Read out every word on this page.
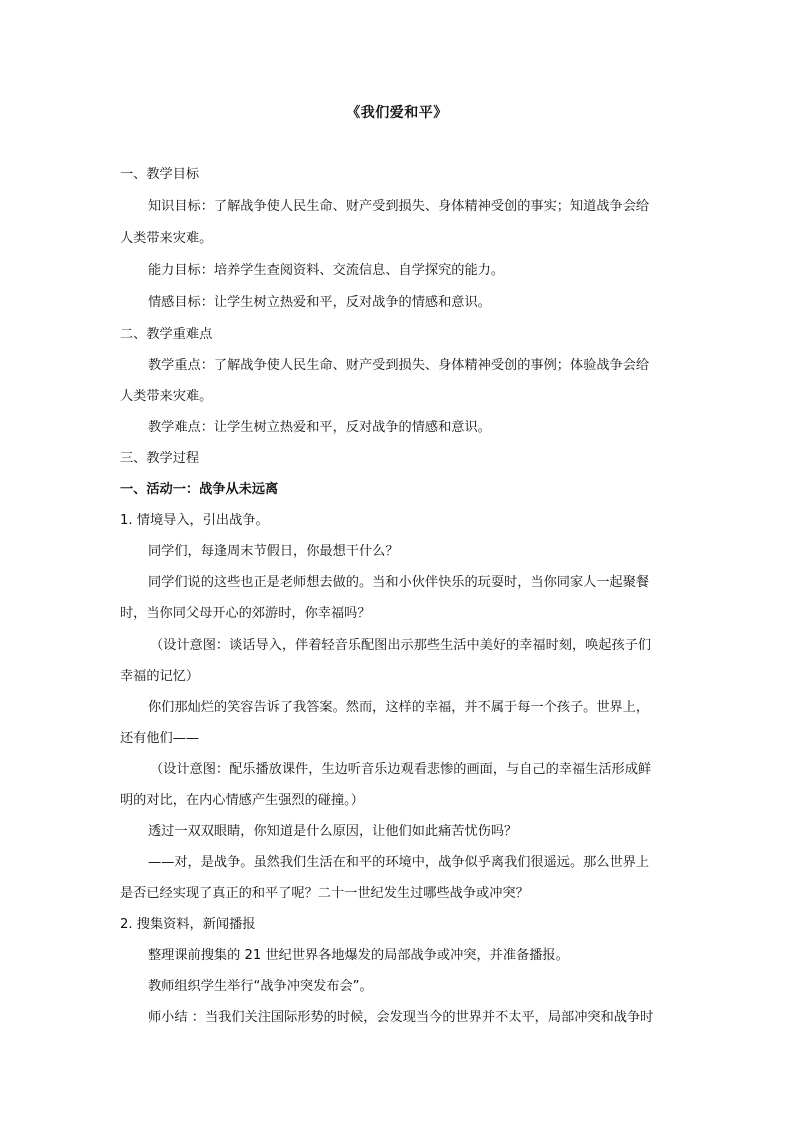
《我们爱和平》
一、教学目标
知识目标：了解战争使人民生命、财产受到损失、身体精神受创的事实；知道战争会给
人类带来灾难。
能力目标：培养学生查阅资料、交流信息、自学探究的能力。
情感目标：让学生树立热爱和平，反对战争的情感和意识。
二、教学重难点
教学重点：了解战争使人民生命、财产受到损失、身体精神受创的事例；体验战争会给
人类带来灾难。
教学难点：让学生树立热爱和平，反对战争的情感和意识。
三、教学过程
一、活动一：战争从未远离
1. 情境导入，引出战争。
同学们，每逢周末节假日，你最想干什么？
同学们说的这些也正是老师想去做的。当和小伙伴快乐的玩耍时，当你同家人一起聚餐
时，当你同父母开心的郊游时，你幸福吗？
（设计意图：谈话导入，伴着轻音乐配图出示那些生活中美好的幸福时刻，唤起孩子们
幸福的记忆）
你们那灿烂的笑容告诉了我答案。然而，这样的幸福，并不属于每一个孩子。世界上，
还有他们——
（设计意图：配乐播放课件，生边听音乐边观看悲惨的画面，与自己的幸福生活形成鲜
明的对比，在内心情感产生强烈的碰撞。）
透过一双双眼睛，你知道是什么原因，让他们如此痛苦忧伤吗？
——对，是战争。虽然我们生活在和平的环境中，战争似乎离我们很遥远。那么世界上
是否已经实现了真正的和平了呢？二十一世纪发生过哪些战争或冲突？
2. 搜集资料，新闻播报
整理课前搜集的 21 世纪世界各地爆发的局部战争或冲突，并准备播报。
教师组织学生举行“战争冲突发布会”。
师小结 ：当我们关注国际形势的时候，会发现当今的世界并不太平，局部冲突和战争时
